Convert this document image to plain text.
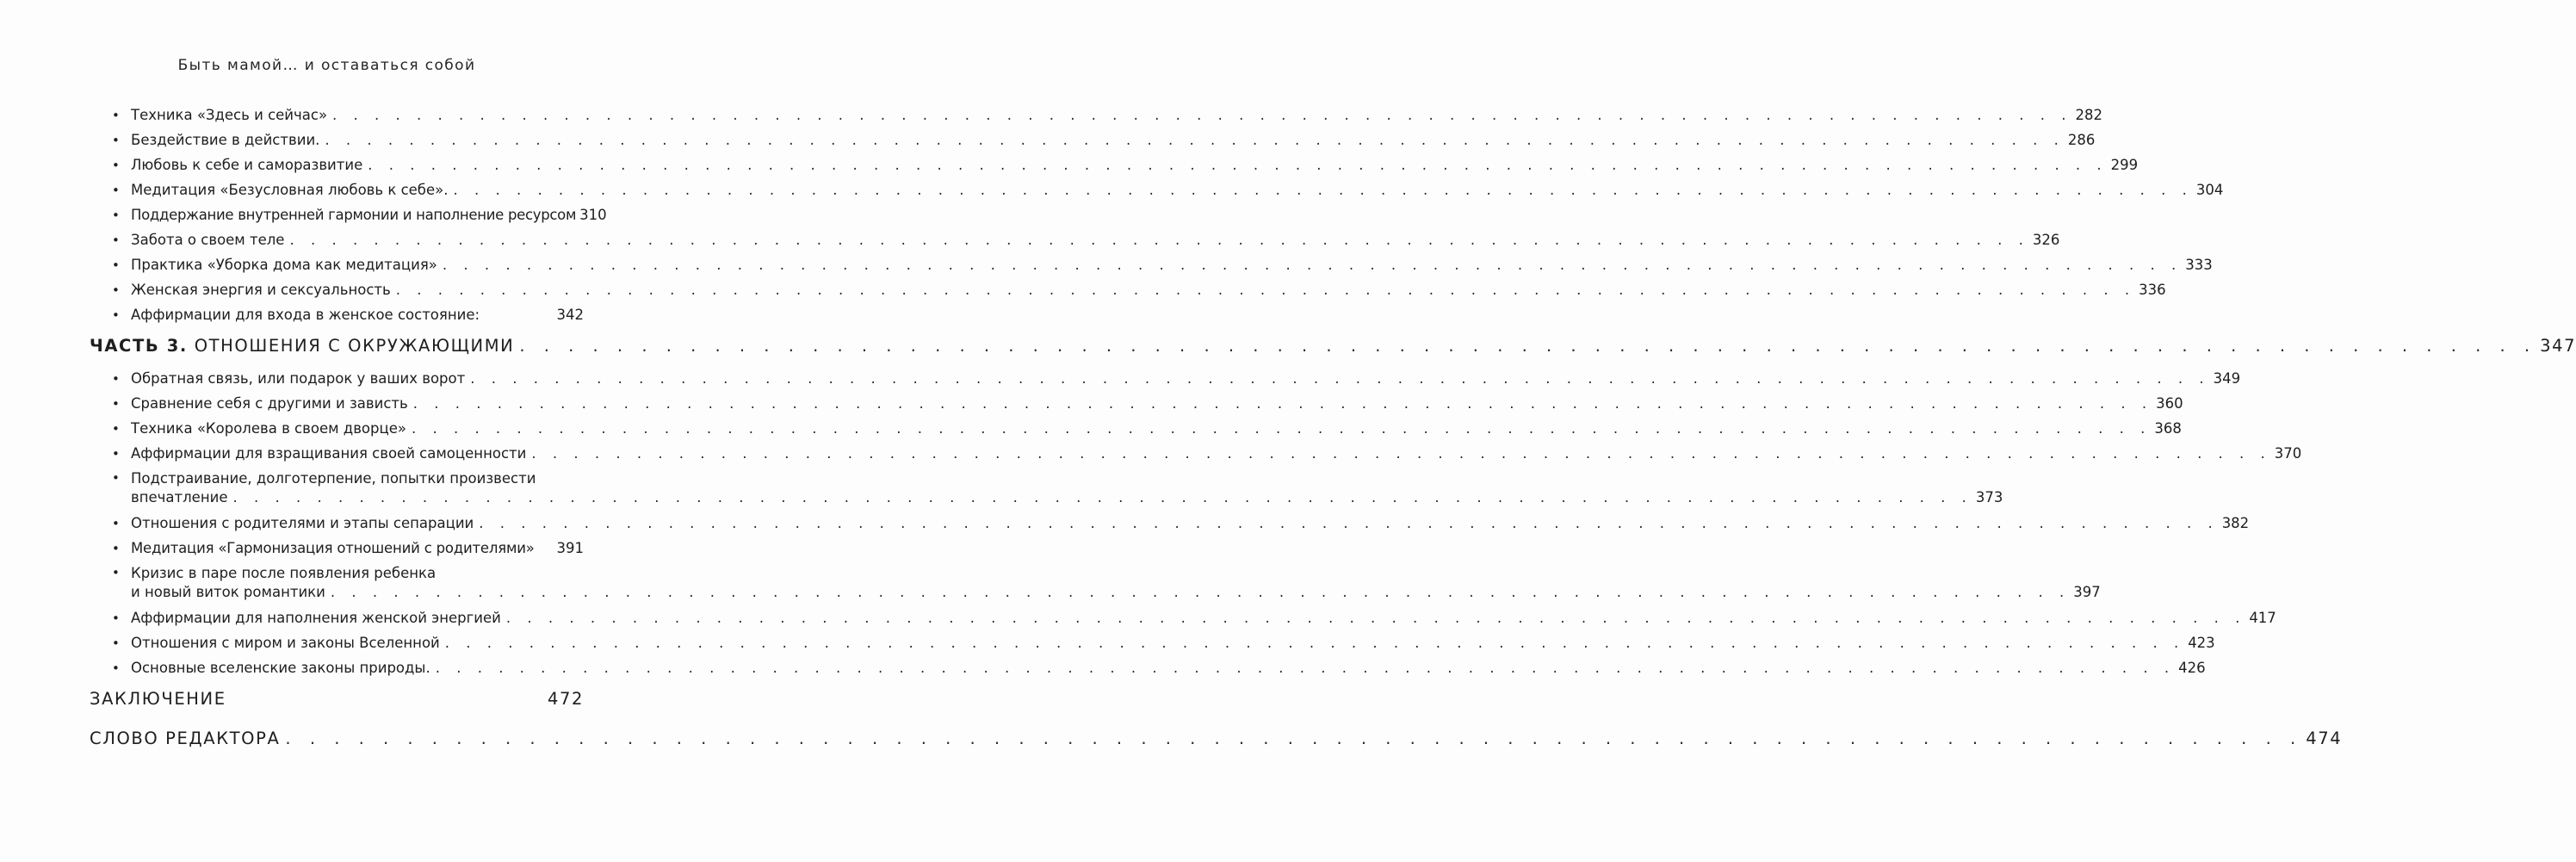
Быть мамой… и оставаться собой
• Техника «Здесь и сейчас» . . . . . . . . . . . . . . . . . . . . . . . . . . . . . . . . . . . . . . . . . . . . . . . . . . . . . . . . . . . . . . . . . . . . . . . . . . . . . . . . . . . 282
• Бездействие в действии. . . . . . . . . . . . . . . . . . . . . . . . . . . . . . . . . . . . . . . . . . . . . . . . . . . . . . . . . . . . . . . . . . . . . . . . . . . . . . . . . . . . 286
• Любовь к себе и саморазвитие . . . . . . . . . . . . . . . . . . . . . . . . . . . . . . . . . . . . . . . . . . . . . . . . . . . . . . . . . . . . . . . . . . . . . . . . . . . . . . . . . . . 299
• Медитация «Безусловная любовь к себе». . . . . . . . . . . . . . . . . . . . . . . . . . . . . . . . . . . . . . . . . . . . . . . . . . . . . . . . . . . . . . . . . . . . . . . . . . . . . . . . . . . . 304
• Поддержание внутренней гармонии и наполнение ресурсом 310
• Забота о своем теле . . . . . . . . . . . . . . . . . . . . . . . . . . . . . . . . . . . . . . . . . . . . . . . . . . . . . . . . . . . . . . . . . . . . . . . . . . . . . . . . . . . 326
• Практика «Уборка дома как медитация» . . . . . . . . . . . . . . . . . . . . . . . . . . . . . . . . . . . . . . . . . . . . . . . . . . . . . . . . . . . . . . . . . . . . . . . . . . . . . . . . . . . 333
• Женская энергия и сексуальность . . . . . . . . . . . . . . . . . . . . . . . . . . . . . . . . . . . . . . . . . . . . . . . . . . . . . . . . . . . . . . . . . . . . . . . . . . . . . . . . . . . 336
• Аффирмации для входа в женское состояние:	342
ЧАСТЬ 3. ОТНОШЕНИЯ С ОКРУЖАЮЩИМИ . . . . . . . . . . . . . . . . . . . . . . . . . . . . . . . . . . . . . . . . . . . . . . . . . . . . . . . . . . . . . . . . . . . . . . . . . . . . . . . . . . . 347
• Обратная связь, или подарок у ваших ворот . . . . . . . . . . . . . . . . . . . . . . . . . . . . . . . . . . . . . . . . . . . . . . . . . . . . . . . . . . . . . . . . . . . . . . . . . . . . . . . . . . . 349
• Сравнение себя с другими и зависть . . . . . . . . . . . . . . . . . . . . . . . . . . . . . . . . . . . . . . . . . . . . . . . . . . . . . . . . . . . . . . . . . . . . . . . . . . . . . . . . . . . 360
• Техника «Королева в своем дворце» . . . . . . . . . . . . . . . . . . . . . . . . . . . . . . . . . . . . . . . . . . . . . . . . . . . . . . . . . . . . . . . . . . . . . . . . . . . . . . . . . . . 368
• Аффирмации для взращивания своей самоценности . . . . . . . . . . . . . . . . . . . . . . . . . . . . . . . . . . . . . . . . . . . . . . . . . . . . . . . . . . . . . . . . . . . . . . . . . . . . . . . . . . . 370
Подстраивание, долготерпение, попытки произвести
•
впечатление . . . . . . . . . . . . . . . . . . . . . . . . . . . . . . . . . . . . . . . . . . . . . . . . . . . . . . . . . . . . . . . . . . . . . . . . . . . . . . . . . . . 373
• Отношения с родителями и этапы сепарации . . . . . . . . . . . . . . . . . . . . . . . . . . . . . . . . . . . . . . . . . . . . . . . . . . . . . . . . . . . . . . . . . . . . . . . . . . . . . . . . . . . 382
• Медитация «Гармонизация отношений с родителями» 391
Кризис в паре после появления ребенка
•
и новый виток романтики . . . . . . . . . . . . . . . . . . . . . . . . . . . . . . . . . . . . . . . . . . . . . . . . . . . . . . . . . . . . . . . . . . . . . . . . . . . . . . . . . . . 397
• Аффирмации для наполнения женской энергией . . . . . . . . . . . . . . . . . . . . . . . . . . . . . . . . . . . . . . . . . . . . . . . . . . . . . . . . . . . . . . . . . . . . . . . . . . . . . . . . . . . 417
• Отношения с миром и законы Вселенной . . . . . . . . . . . . . . . . . . . . . . . . . . . . . . . . . . . . . . . . . . . . . . . . . . . . . . . . . . . . . . . . . . . . . . . . . . . . . . . . . . . 423
• Основные вселенские законы природы. . . . . . . . . . . . . . . . . . . . . . . . . . . . . . . . . . . . . . . . . . . . . . . . . . . . . . . . . . . . . . . . . . . . . . . . . . . . . . . . . . . . 426
ЗАКЛЮЧЕНИЕ	472
СЛОВО РЕДАКТОРА . . . . . . . . . . . . . . . . . . . . . . . . . . . . . . . . . . . . . . . . . . . . . . . . . . . . . . . . . . . . . . . . . . . . . . . . . . . . . . . . . . . 474
